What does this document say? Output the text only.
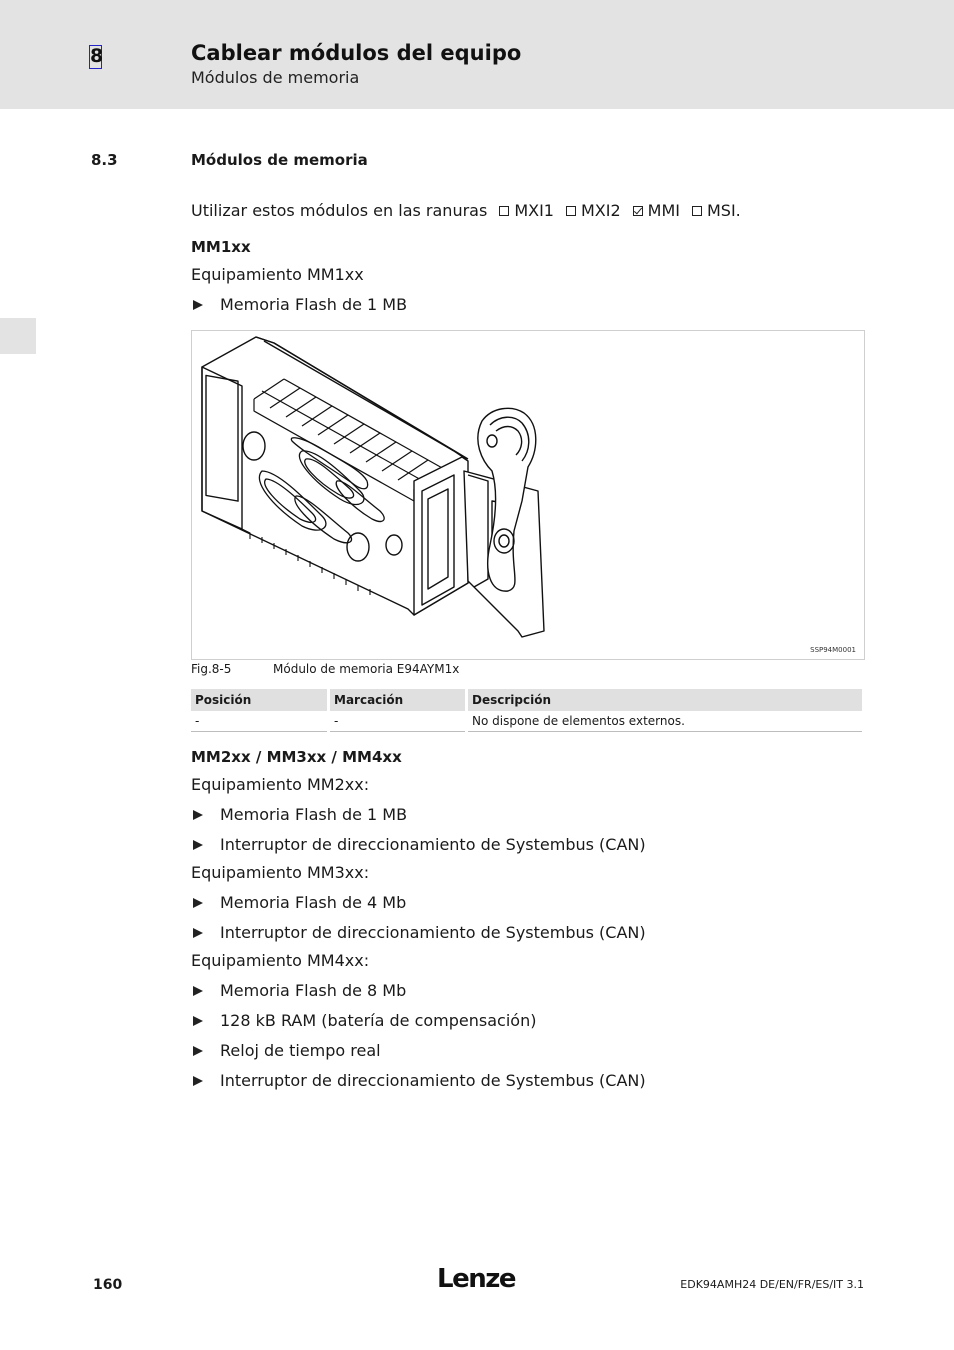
8	Cablear módulos del equipo
Módulos de memoria
8.3	Módulos de memoria
Utilizar estos módulos en las ranuras MXI1 MXI2 MMI MSI.
MM1xx
Equipamiento MM1xx
Memoria Flash de 1 MB
SSP94M0001
Fig.8-5	Módulo de memoria E94AYM1x
Posición	Marcación	Descripción
-	-	No dispone de elementos externos.
MM2xx / MM3xx / MM4xx
Equipamiento MM2xx:
Memoria Flash de 1 MB
Interruptor de direccionamiento de Systembus (CAN)
Equipamiento MM3xx:
Memoria Flash de 4 Mb
Interruptor de direccionamiento de Systembus (CAN)
Equipamiento MM4xx:
Memoria Flash de 8 Mb
128 kB RAM (batería de compensación)
Reloj de tiempo real
Interruptor de direccionamiento de Systembus (CAN)
160	Lenze	EDK94AMH24 DE/EN/FR/ES/IT 3.1
